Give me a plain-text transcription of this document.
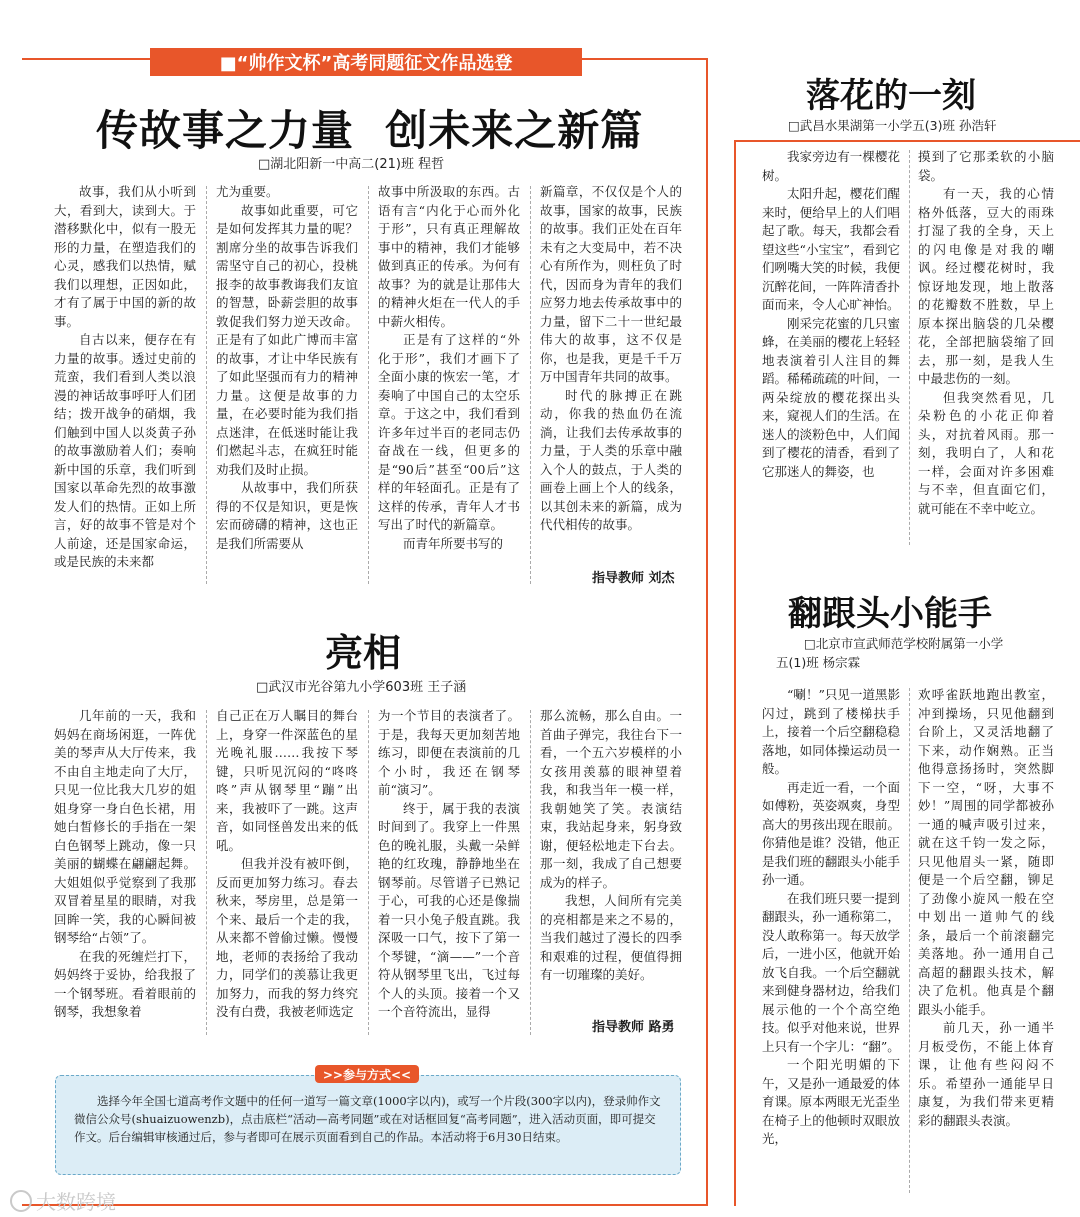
■“帅作文杯”高考同题征文作品选登
传故事之力量  创未来之新篇
□湖北阳新一中高二(21)班 程哲

故事，我们从小听到大，看到大，读到大。于潜移默化中，似有一股无形的力量，在塑造我们的心灵，感我们以热情，赋我们以理想，正因如此，才有了属于中国的新的故事。

自古以来，便存在有力量的故事。透过史前的荒蛮，我们看到人类以浪漫的神话故事呼吁人们团结；拨开战争的硝烟，我们触到中国人以炎黄子孙的故事激励着人们；奏响新中国的乐章，我们听到国家以革命先烈的故事激发人们的热情。正如上所言，好的故事不管是对个人前途，还是国家命运，或是民族的未来都

尤为重要。

故事如此重要，可它是如何发挥其力量的呢？割席分坐的故事告诉我们需坚守自己的初心，投桃报李的故事教诲我们友谊的智慧，卧薪尝胆的故事敦促我们努力逆天改命。正是有了如此广博而丰富的故事，才让中华民族有了如此坚强而有力的精神力量。这便是故事的力量，在必要时能为我们指点迷津，在低迷时能让我们燃起斗志，在疯狂时能劝我们及时止损。

从故事中，我们所获得的不仅是知识，更是恢宏而磅礴的精神，这也正是我们所需要从

故事中所汲取的东西。古语有言“内化于心而外化于形”，只有真正理解故事中的精神，我们才能够做到真正的传承。为何有故事？为的就是让那伟大的精神火炬在一代人的手中薪火相传。

正是有了这样的“外化于形”，我们才画下了全面小康的恢宏一笔，才奏响了中国自己的太空乐章。于这之中，我们看到许多年过半百的老同志仍奋战在一线，但更多的是“90后”甚至“00后”这样的年轻面孔。正是有了这样的传承，青年人才书写出了时代的新篇章。

而青年所要书写的

新篇章，不仅仅是个人的故事，国家的故事，民族的故事。我们正处在百年未有之大变局中，若不决心有所作为，则枉负了时代，因而身为青年的我们应努力地去传承故事中的力量，留下二十一世纪最伟大的故事，这不仅是你，也是我，更是千千万万中国青年共同的故事。

时代的脉搏正在跳动，你我的热血仍在流淌，让我们去传承故事的力量，于人类的乐章中融入个人的鼓点，于人类的画卷上画上个人的线条，以其创未来的新篇，成为代代相传的故事。

指导教师 刘杰
亮相
□武汉市光谷第九小学603班 王子涵

几年前的一天，我和妈妈在商场闲逛，一阵优美的琴声从大厅传来，我不由自主地走向了大厅，只见一位比我大几岁的姐姐身穿一身白色长裙，用她白皙修长的手指在一架白色钢琴上跳动，像一只美丽的蝴蝶在翩翩起舞。大姐姐似乎觉察到了我那双冒着星星的眼睛，对我回眸一笑，我的心瞬间被钢琴给“占领”了。

在我的死缠烂打下，妈妈终于妥协，给我报了一个钢琴班。看着眼前的钢琴，我想象着

自己正在万人瞩目的舞台上，身穿一件深蓝色的星光晚礼服……我按下琴键，只听见沉闷的“咚咚咚”声从钢琴里“蹦”出来，我被吓了一跳。这声音，如同怪兽发出来的低吼。

但我并没有被吓倒，反而更加努力练习。春去秋来，琴房里，总是第一个来、最后一个走的我，从来都不曾偷过懒。慢慢地，老师的表扬给了我动力，同学们的羡慕让我更加努力，而我的努力终究没有白费，我被老师选定

为一个节目的表演者了。于是，我每天更加刻苦地练习，即便在表演前的几个小时，我还在钢琴前“演习”。

终于，属于我的表演时间到了。我穿上一件黑色的晚礼服，头戴一朵鲜艳的红玫瑰，静静地坐在钢琴前。尽管谱子已熟记于心，可我的心还是像揣着一只小兔子般直跳。我深吸一口气，按下了第一个琴键，“滴——”一个音符从钢琴里飞出，飞过每个人的头顶。接着一个又一个音符流出，显得

那么流畅，那么自由。一首曲子弹完，我往台下一看，一个五六岁模样的小女孩用羡慕的眼神望着我，和我当年一模一样，我朝她笑了笑。表演结束，我站起身来，躬身致谢，便轻松地走下台去。那一刻，我成了自己想要成为的样子。

我想，人间所有完美的亮相都是来之不易的，当我们越过了漫长的四季和艰难的过程，便值得拥有一切璀璨的美好。

指导教师 路勇

选择今年全国七道高考作文题中的任何一道写一篇文章(1000字以内)，或写一个片段(300字以内)，登录帅作文微信公众号(shuaizuowenzb)，点击底栏“活动—高考同题”或在对话框回复“高考同题”，进入活动页面，即可提交作文。后台编辑审核通过后，参与者即可在展示页面看到自己的作品。本活动将于6月30日结束。

>>参与方式<<
落花的一刻
□武昌水果湖第一小学五(3)班 孙浩轩

我家旁边有一棵樱花树。

太阳升起，樱花们醒来时，便给早上的人们唱起了歌。每天，我都会看望这些“小宝宝”，看到它们咧嘴大笑的时候，我便沉醉花间，一阵阵清香扑面而来，令人心旷神怡。

刚采完花蜜的几只蜜蜂，在美丽的樱花上轻轻地表演着引人注目的舞蹈。稀稀疏疏的叶间，一两朵绽放的樱花探出头来，窥视人们的生活。在迷人的淡粉色中，人们闻到了樱花的清香，看到了它那迷人的舞姿，也

摸到了它那柔软的小脑袋。

有一天，我的心情格外低落，豆大的雨珠打湿了我的全身，天上的闪电像是对我的嘲讽。经过樱花树时，我惊讶地发现，地上散落的花瓣数不胜数，早上原本探出脑袋的几朵樱花，全部把脑袋缩了回去，那一刻，是我人生中最悲伤的一刻。

但我突然看见，几朵粉色的小花正仰着头，对抗着风雨。那一刻，我明白了，人和花一样，会面对许多困难与不幸，但直面它们，就可能在不幸中屹立。

翻跟头小能手
□北京市宣武师范学校附属第一小学
五(1)班 杨宗霖

“唰！”只见一道黑影闪过，跳到了楼梯扶手上，接着一个后空翻稳稳落地，如同体操运动员一般。

再走近一看，一个面如傅粉，英姿飒爽，身型高大的男孩出现在眼前。你猜他是谁？没错，他正是我们班的翻跟头小能手孙一通。

在我们班只要一提到翻跟头，孙一通称第二，没人敢称第一。每天放学后，一进小区，他就开始放飞自我。一个后空翻就来到健身器材边，给我们展示他的一个个高空绝技。似乎对他来说，世界上只有一个字儿：“翻”。

一个阳光明媚的下午，又是孙一通最爱的体育课。原本两眼无光歪坐在椅子上的他顿时双眼放光，

欢呼雀跃地跑出教室，冲到操场，只见他翻到台阶上，又灵活地翻了下来，动作娴熟。正当他得意扬扬时，突然脚下一空，“呀，大事不妙！”周围的同学都被孙一通的喊声吸引过来，就在这千钧一发之际，只见他眉头一紧，随即便是一个后空翻，铆足了劲像小旋风一般在空中划出一道帅气的线条，最后一个前滚翻完美落地。孙一通用自己高超的翻跟头技术，解决了危机。他真是个翻跟头小能手。

前几天，孙一通半月板受伤，不能上体育课，让他有些闷闷不乐。希望孙一通能早日康复，为我们带来更精彩的翻跟头表演。

大数跨境
